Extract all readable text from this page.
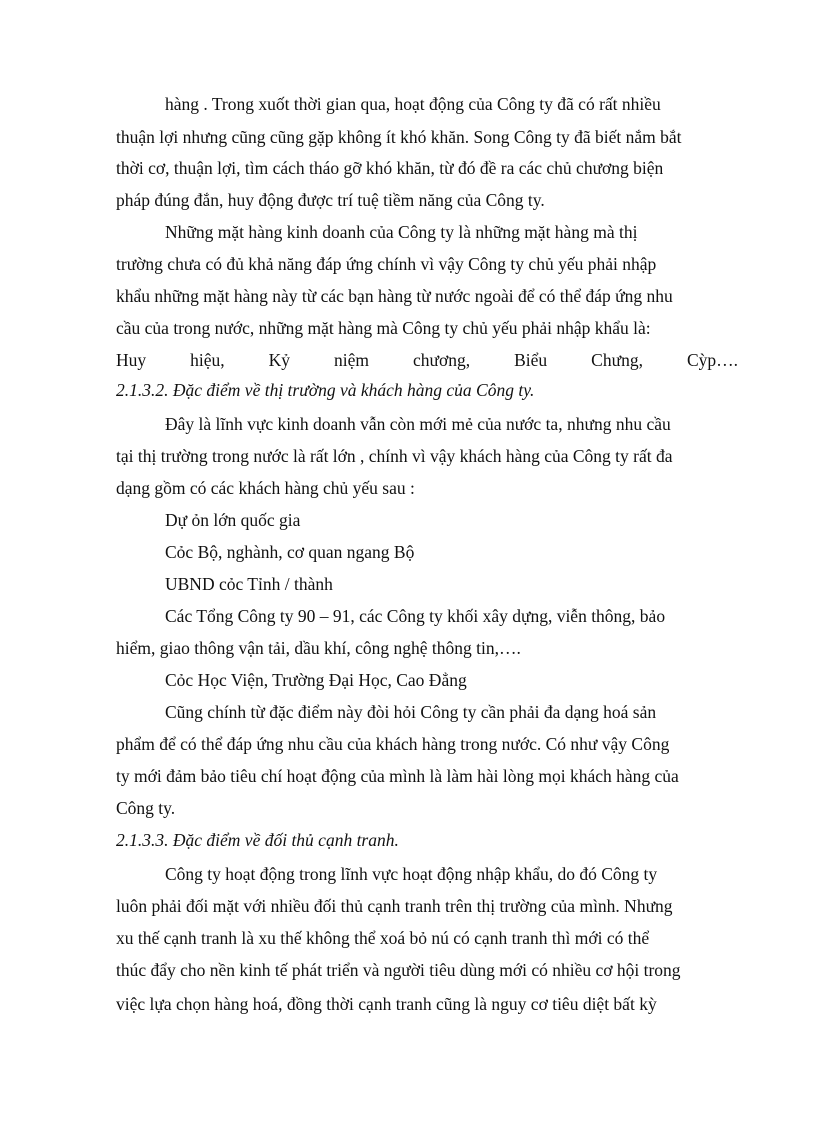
hàng . Trong xuốt thời gian qua, hoạt động của Công ty đã có rất nhiều
thuận lợi nhưng cũng cũng gặp không ít khó khăn. Song Công ty đã biết nắm bắt
thời cơ, thuận lợi, tìm cách tháo gỡ khó khăn, từ đó đề ra các chủ chương biện
pháp đúng đắn, huy động được trí tuệ tiềm năng của Công ty.
Những mặt hàng kinh doanh của Công ty là những mặt hàng mà thị
trường chưa có đủ khả năng đáp ứng chính vì vậy Công ty chủ yếu phải nhập
khẩu những mặt hàng này từ các bạn hàng từ nước ngoài để có thể đáp ứng nhu
cầu của trong nước, những mặt hàng mà Công ty chủ yếu phải nhập khẩu là:
Huy	hiệu,	Kỷ	niệm	chương,	Biểu	Chưng,	Cỳp….
2.1.3.2. Đặc điểm về thị trường và khách hàng của Công ty.
Đây là lĩnh vực kinh doanh vẫn còn mới mẻ của nước ta, nhưng nhu cầu
tại thị trường trong nước là rất lớn , chính vì vậy khách hàng của Công ty rất đa
dạng gồm có các khách hàng chủ yếu sau :
Dự ỏn lớn quốc gia
Cỏc Bộ, nghành, cơ quan ngang Bộ
UBND cỏc Tỉnh / thành
Các Tổng Công ty 90 – 91, các Công ty khối xây dựng, viễn thông, bảo
hiểm, giao thông vận tải, dầu khí, công nghệ thông tin,….
Cỏc Học Viện, Trường Đại Học, Cao Đẳng
Cũng chính từ đặc điểm này đòi hỏi Công ty cần phải đa dạng hoá sản
phẩm để có thể đáp ứng nhu cầu của khách hàng trong nước. Có như vậy Công
ty mới đảm bảo tiêu chí hoạt động của mình là làm hài lòng mọi khách hàng của
Công ty.
2.1.3.3. Đặc điểm về đối thủ cạnh tranh.
Công ty hoạt động trong lĩnh vực hoạt động nhập khẩu, do đó Công ty
luôn phải đối mặt với nhiều đối thủ cạnh tranh trên thị trường của mình. Nhưng
xu thế cạnh tranh là xu thế không thể xoá bỏ nú có cạnh tranh thì mới có thể
thúc đẩy cho nền kinh tế phát triển và người tiêu dùng mới có nhiều cơ hội trong
việc lựa chọn hàng hoá, đồng thời cạnh tranh cũng là nguy cơ tiêu diệt bất kỳ
